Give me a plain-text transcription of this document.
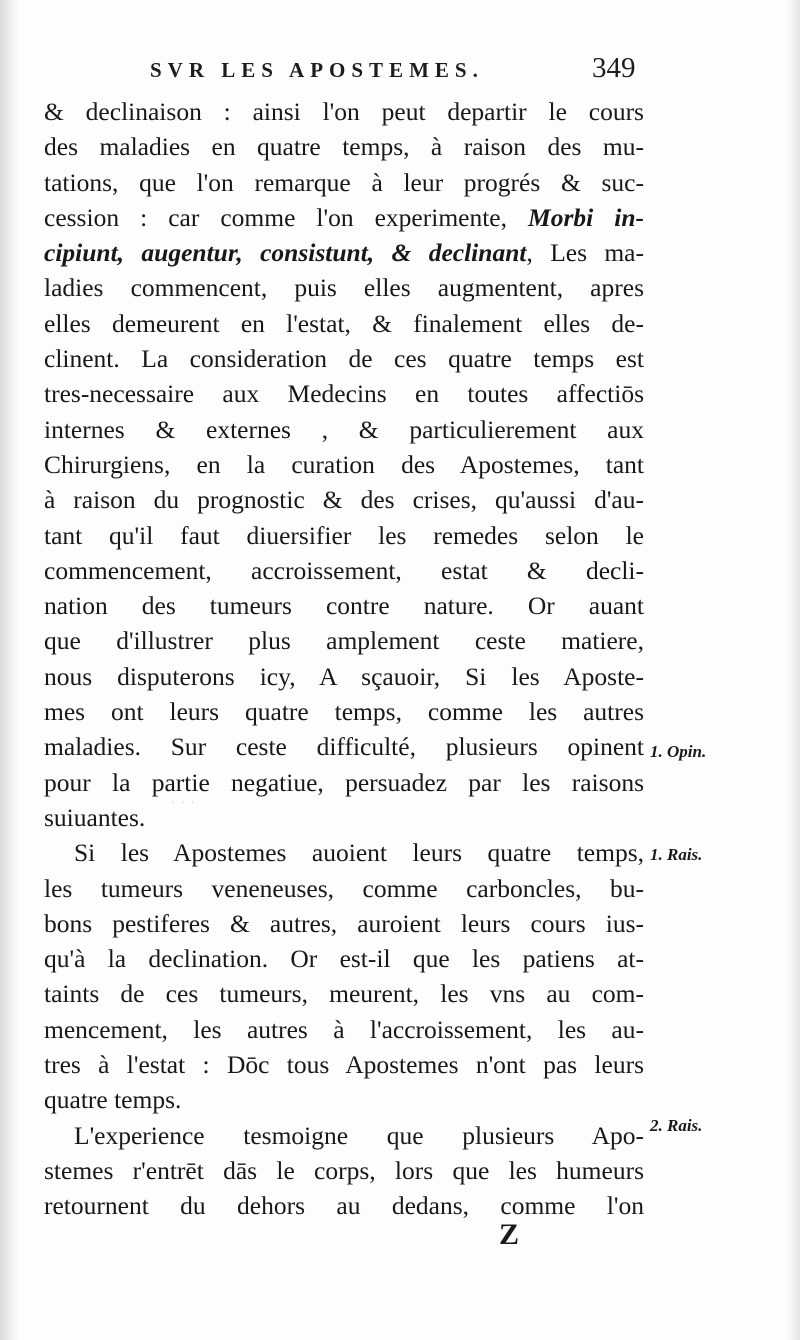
· · ·
SVR LES APOSTEMES.	349
& declinaison : ainsi l'on peut departir le cours
des maladies en quatre temps, à raison des mu-
tations, que l'on remarque à leur progrés & suc-
cession : car comme l'on experimente, Morbi in-
cipiunt, augentur, consistunt, & declinant, Les ma-
ladies commencent, puis elles augmentent, apres
elles demeurent en l'estat, & finalement elles de-
clinent. La consideration de ces quatre temps est
tres-necessaire aux Medecins en toutes affectiōs
internes & externes , & particulierement aux
Chirurgiens, en la curation des Apostemes, tant
à raison du prognostic & des crises, qu'aussi d'au-
tant qu'il faut diuersifier les remedes selon le
commencement, accroissement, estat & decli-
nation des tumeurs contre nature. Or auant
que d'illustrer plus amplement ceste matiere,
nous disputerons icy, A sçauoir, Si les Aposte-
mes ont leurs quatre temps, comme les autres
maladies. Sur ceste difficulté, plusieurs opinent
pour la partie negatiue, persuadez par les raisons
suiuantes.
Si les Apostemes auoient leurs quatre temps,
les tumeurs veneneuses, comme carboncles, bu-
bons pestiferes & autres, auroient leurs cours ius-
qu'à la declination. Or est-il que les patiens at-
taints de ces tumeurs, meurent, les vns au com-
mencement, les autres à l'accroissement, les au-
tres à l'estat : Dōc tous Apostemes n'ont pas leurs
quatre temps.
L'experience tesmoigne que plusieurs Apo-
stemes r'entrēt dās le corps, lors que les humeurs
retournent du dehors au dedans, comme l'on
1. Opin.
1. Rais.
2. Rais.
Z
